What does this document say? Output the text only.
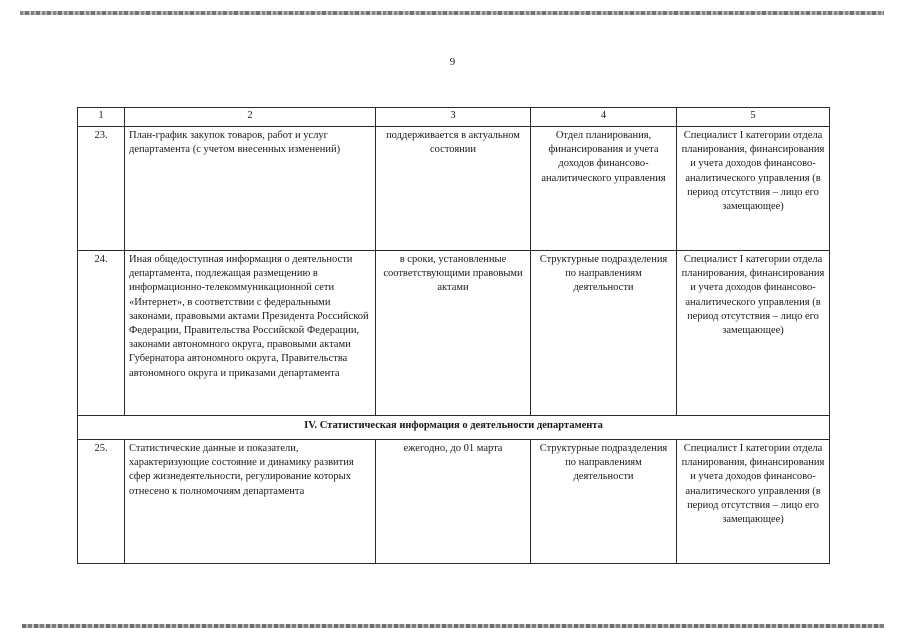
9
1	2	3	4	5
23.	План-график закупок товаров, работ и услуг департамента (с учетом внесенных изменений)	поддерживается в актуальном состоянии	Отдел планирования, финансирования и учета доходов финансово-аналитического управления	Специалист I категории отдела планирования, финансирования и учета доходов финансово-аналитического управления (в период отсутствия – лицо его замещающее)
24.	Иная общедоступная информация о деятельности департамента, подлежащая размещению в информационно-телекоммуникационной сети «Интернет», в соответствии с федеральными законами, правовыми актами Президента Российской Федерации, Правительства Российской Федерации, законами автономного округа, правовыми актами Губернатора автономного округа, Правительства автономного округа и приказами департамента	в сроки, установленные соответствующими правовыми актами	Структурные подразделения по направлениям деятельности	Специалист I категории отдела планирования, финансирования и учета доходов финансово-аналитического управления (в период отсутствия – лицо его замещающее)
IV. Статистическая информация о деятельности департамента				
25.	Статистические данные и показатели, характеризующие состояние и динамику развития сфер жизнедеятельности, регулирование которых отнесено к полномочиям департамента	ежегодно, до 01 марта	Структурные подразделения по направлениям деятельности	Специалист I категории отдела планирования, финансирования и учета доходов финансово-аналитического управления (в период отсутствия – лицо его замещающее)
